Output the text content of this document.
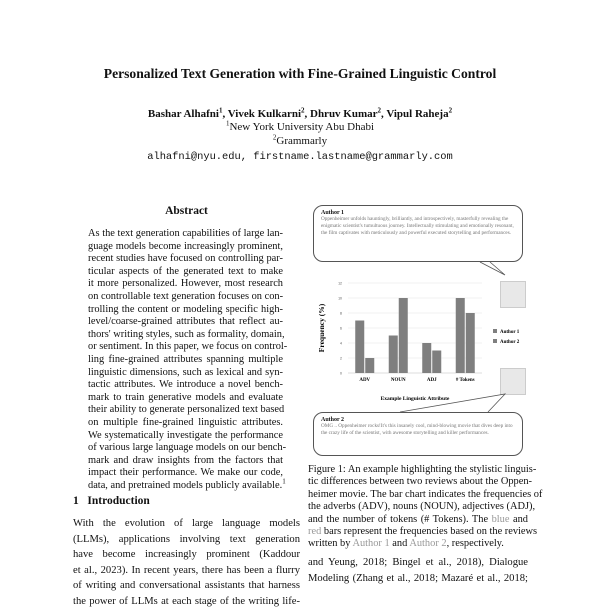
Personalized Text Generation with Fine-Grained Linguistic Control
Bashar Alhafni$^1$, Vivek Kulkarni$^2$, Dhruv Kumar$^2$, Vipul Raheja$^2$
$^1$New York University Abu Dhabi
$^2$Grammarly
alhafni@nyu.edu, firstname.lastname@grammarly.com
Abstract
As the text generation capabilities of large lan-
guage models become increasingly prominent,
recent studies have focused on controlling par-
ticular aspects of the generated text to make
it more personalized. However, most research
on controllable text generation focuses on con-
trolling the content or modeling specific high-
level/coarse-grained attributes that reflect au-
thors' writing styles, such as formality, domain,
or sentiment. In this paper, we focus on control-
ling fine-grained attributes spanning multiple
linguistic dimensions, such as lexical and syn-
tactic attributes. We introduce a novel bench-
mark to train generative models and evaluate
their ability to generate personalized text based
on multiple fine-grained linguistic attributes.
We systematically investigate the performance
of various large language models on our bench-
mark and draw insights from the factors that
impact their performance. We make our code,
data, and pretrained models publicly available.$^1$
1 Introduction
With the evolution of large language models
(LLMs), applications involving text generation
have become increasingly prominent (Kaddour
et al., 2023). In recent years, there has been a flurry
of writing and conversational assistants that harness
the power of LLMs at each stage of the writing life-
Author 1
Oppenheimer unfolds hauntingly, brilliantly, and introspectively, masterfully revealing the enigmatic scientist's tumultuous journey. Intellectually stimulating and emotionally resonant, the film captivates with meticulously and powerful executed storytelling and performances.
Author 2
OMG .. Oppenheimer rocks!It's this insanely cool, mind-blowing movie that dives deep into the crazy life of the scientist, with awesome storytelling and killer performances.
0
2
4
6
8
10
12
ADV	NOUN	ADJ	# Tokens
Frequency (%)
Example Linguistic Attribute
Author 1
Author 2
Figure 1: An example highlighting the stylistic linguis-
tic differences between two reviews about the Oppen-
heimer movie. The bar chart indicates the frequencies of
the adverbs (ADV), nouns (NOUN), adjectives (ADJ),
and the number of tokens (# Tokens). The blue and
red bars represent the frequencies based on the reviews
written by Author 1 and Author 2, respectively.
and Yeung, 2018; Bingel et al., 2018), Dialogue
Modeling (Zhang et al., 2018; Mazaré et al., 2018;
